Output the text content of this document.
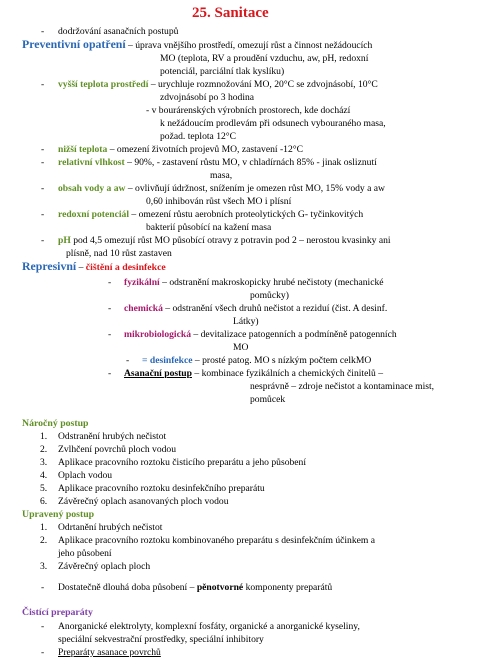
25. Sanitace
- dodržování asanačních postupů
Preventivní opatření – úprava vnějšího prostředí, omezují růst a činnost nežádoucích
MO (teplota, RV a proudění vzduchu, aw, pH, redoxní
potenciál, parciální tlak kyslíku)
- vyšší teplota prostředí – urychluje rozmnožování MO, 20°C se zdvojnásobí, 10°C
zdvojnásobí po 3 hodina
- v bourárenských výrobních prostorech, kde dochází
k nežádoucím prodlevám při odsunech vybouraného masa,
požad. teplota 12°C
- nižší teplota – omezení životních projevů MO, zastavení -12°C
- relativní vlhkost – 90%, - zastavení růstu MO, v chladírnách 85% - jinak osliznutí
masa,
- obsah vody a aw – ovlivňují údržnost, snížením je omezen růst MO, 15% vody a aw
0,60 inhibován růst všech MO i plísní
- redoxní potenciál – omezení růstu aerobních proteolytických G- tyčinkovitých
bakterií působící na kažení masa
- pH pod 4,5 omezují růst MO působící otravy z potravin pod 2 – nerostou kvasinky ani
plísně, nad 10 růst zastaven
Represivní – čištění a desinfekce
- fyzikální – odstranění makroskopicky hrubé nečistoty (mechanické
pomůcky)
- chemická – odstranění všech druhů nečistot a reziduí (čist. A desinf.
Látky)
- mikrobiologická – devitalizace patogenních a podmíněně patogenních
MO
- = desinfekce – prosté patog. MO s nízkým počtem celkMO
- Asanační postup – kombinace fyzikálních a chemických činitelů –
nesprávně – zdroje nečistot a kontaminace mist,
pomůcek
Náročný postup
1. Odstranění hrubých nečistot
2. Zvlhčení povrchů ploch vodou
3. Aplikace pracovního roztoku čisticího preparátu a jeho působení
4. Oplach vodou
5. Aplikace pracovního roztoku desinfekčního preparátu
6. Závěrečný oplach asanovaných ploch vodou
Upravený postup
1. Odrtanění hrubých nečistot
2. Aplikace pracovního roztoku kombinovaného preparátu s desinfekčním účinkem a
jeho působení
3. Závěrečný oplach ploch
- Dostatečně dlouhá doba působení – pěnotvorné komponenty preparátů
Čistící preparáty
- Anorganické elektrolyty, komplexní fosfáty, organické a anorganické kyseliny,
speciální sekvestrační prostředky, speciální inhibitory
- Preparáty asanace povrchů
